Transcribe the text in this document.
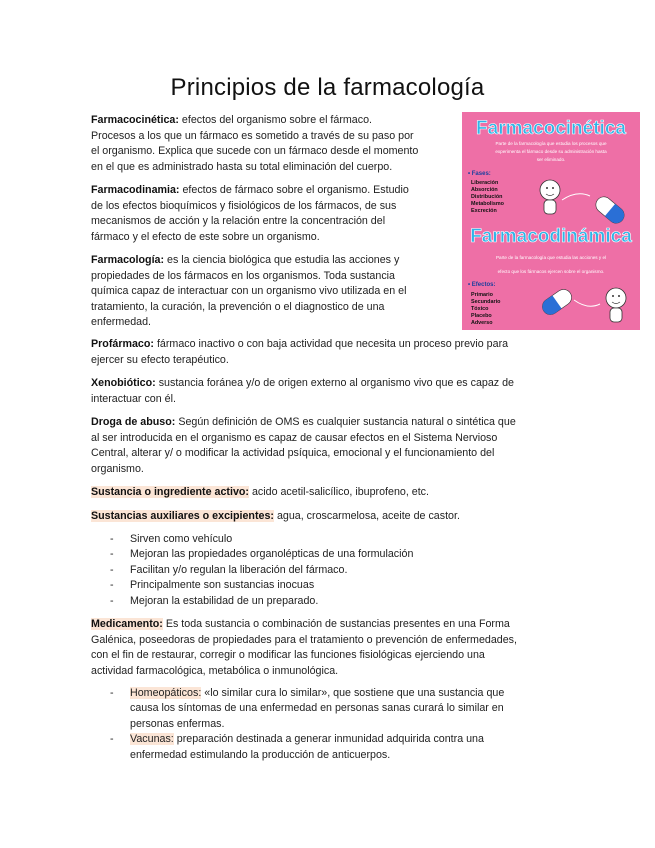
Principios de la farmacología
Farmacocinética: efectos del organismo sobre el fármaco.
Procesos a los que un fármaco es sometido a través de su paso por
el organismo. Explica que sucede con un fármaco desde el momento
en el que es administrado hasta su total eliminación del cuerpo.
Farmacodinamia: efectos de fármaco sobre el organismo. Estudio
de los efectos bioquímicos y fisiológicos de los fármacos, de sus
mecanismos de acción y la relación entre la concentración del
fármaco y el efecto de este sobre un organismo.
Farmacología: es la ciencia biológica que estudia las acciones y
propiedades de los fármacos en los organismos. Toda sustancia
química capaz de interactuar con un organismo vivo utilizada en el
tratamiento, la curación, la prevención o el diagnostico de una
enfermedad.
Profármaco: fármaco inactivo o con baja actividad que necesita un proceso previo para
ejercer su efecto terapéutico.
Xenobiótico: sustancia foránea y/o de origen externo al organismo vivo que es capaz de
interactuar con él.
Droga de abuso: Según definición de OMS es cualquier sustancia natural o sintética que
al ser introducida en el organismo es capaz de causar efectos en el Sistema Nervioso
Central, alterar y/ o modificar la actividad psíquica, emocional y el funcionamiento del
organismo.
Sustancia o ingrediente activo: acido acetil-salicílico, ibuprofeno, etc.
Sustancias auxiliares o excipientes: agua, croscarmelosa, aceite de castor.
- Sirven como vehículo
- Mejoran las propiedades organolépticas de una formulación
- Facilitan y/o regulan la liberación del fármaco.
- Principalmente son sustancias inocuas
- Mejoran la estabilidad de un preparado.
Medicamento: Es toda sustancia o combinación de sustancias presentes en una Forma
Galénica, poseedoras de propiedades para el tratamiento o prevención de enfermedades,
con el fin de restaurar, corregir o modificar las funciones fisiológicas ejerciendo una
actividad farmacológica, metabólica o inmunológica.
- Homeopáticos: «lo similar cura lo similar», que sostiene que una sustancia que
causa los síntomas de una enfermedad en personas sanas curará lo similar en
personas enfermas.
- Vacunas: preparación destinada a generar inmunidad adquirida contra una
enfermedad estimulando la producción de anticuerpos.
Farmacocinética
Parte de la farmacología que estudia los procesos que
experimenta el fármaco desde su administración hasta
ser eliminado.
• Fases:
Liberación
Absorción
Distribución
Metabolismo
Excreción
Farmacodinámica
Parte de la farmacología que estudia las acciones y el
efecto que los fármacos ejercen sobre el organismo.
• Efectos:
Primario
Secundario
Tóxico
Placebo
Adverso
